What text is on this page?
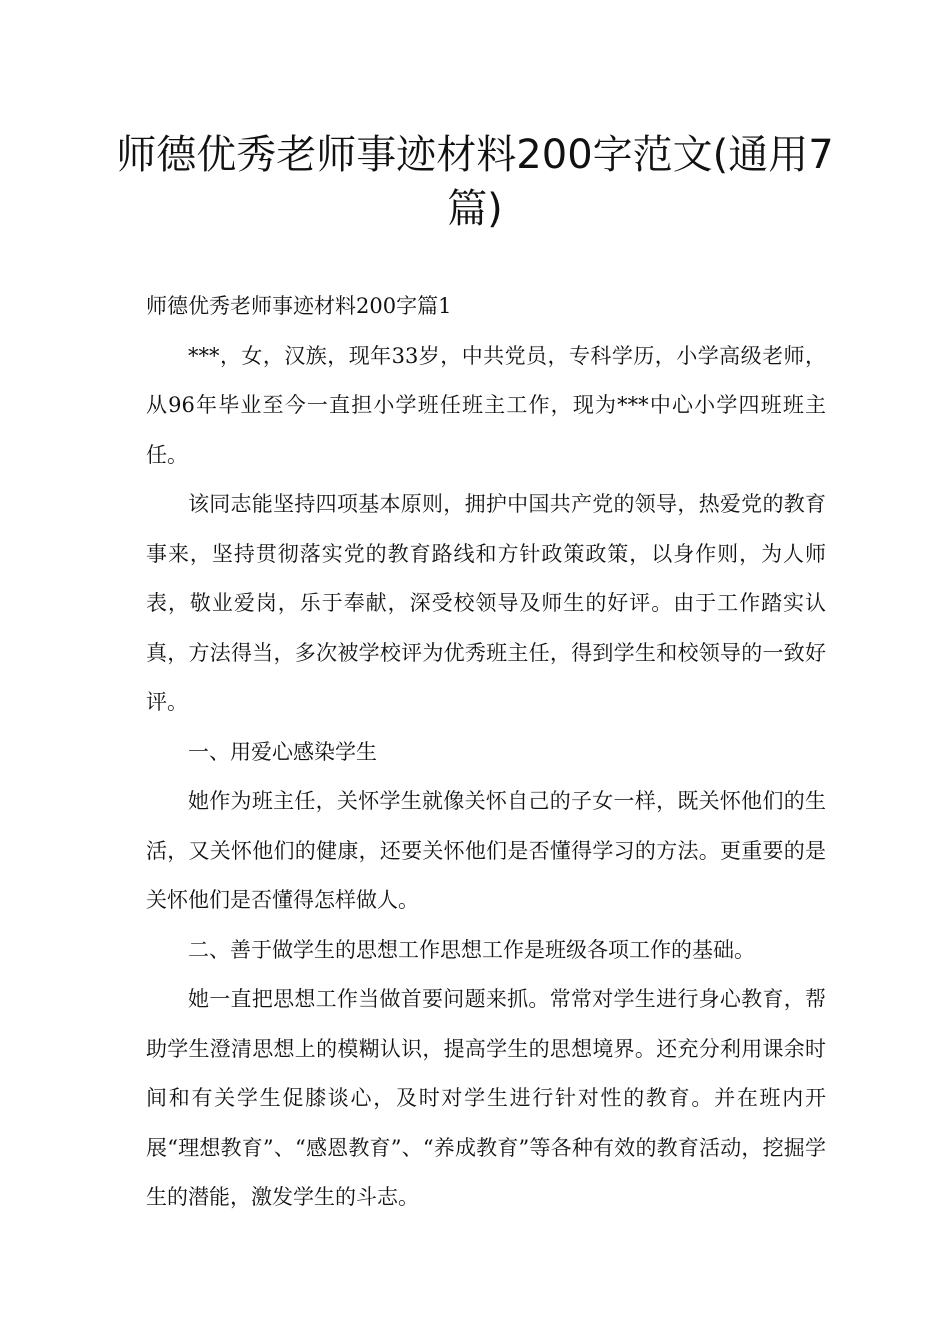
师德优秀老师事迹材料200字范文(通用7篇)

师德优秀老师事迹材料200字篇1

***，女，汉族，现年33岁，中共党员，专科学历，小学高级老师，从96年毕业至今一直担小学班任班主工作，现为***中心小学四班班主任。

该同志能坚持四项基本原则，拥护中国共产党的领导，热爱党的教育事来，坚持贯彻落实党的教育路线和方针政策政策，以身作则，为人师表，敬业爱岗，乐于奉献，深受校领导及师生的好评。由于工作踏实认真，方法得当，多次被学校评为优秀班主任，得到学生和校领导的一致好评。

一、用爱心感染学生

她作为班主任，关怀学生就像关怀自己的子女一样，既关怀他们的生活，又关怀他们的健康，还要关怀他们是否懂得学习的方法。更重要的是关怀他们是否懂得怎样做人。

二、善于做学生的思想工作思想工作是班级各项工作的基础。

她一直把思想工作当做首要问题来抓。常常对学生进行身心教育，帮助学生澄清思想上的模糊认识，提高学生的思想境界。还充分利用课余时间和有关学生促膝谈心，及时对学生进行针对性的教育。并在班内开展“理想教育”、“感恩教育”、“养成教育”等各种有效的教育活动，挖掘学生的潜能，激发学生的斗志。
